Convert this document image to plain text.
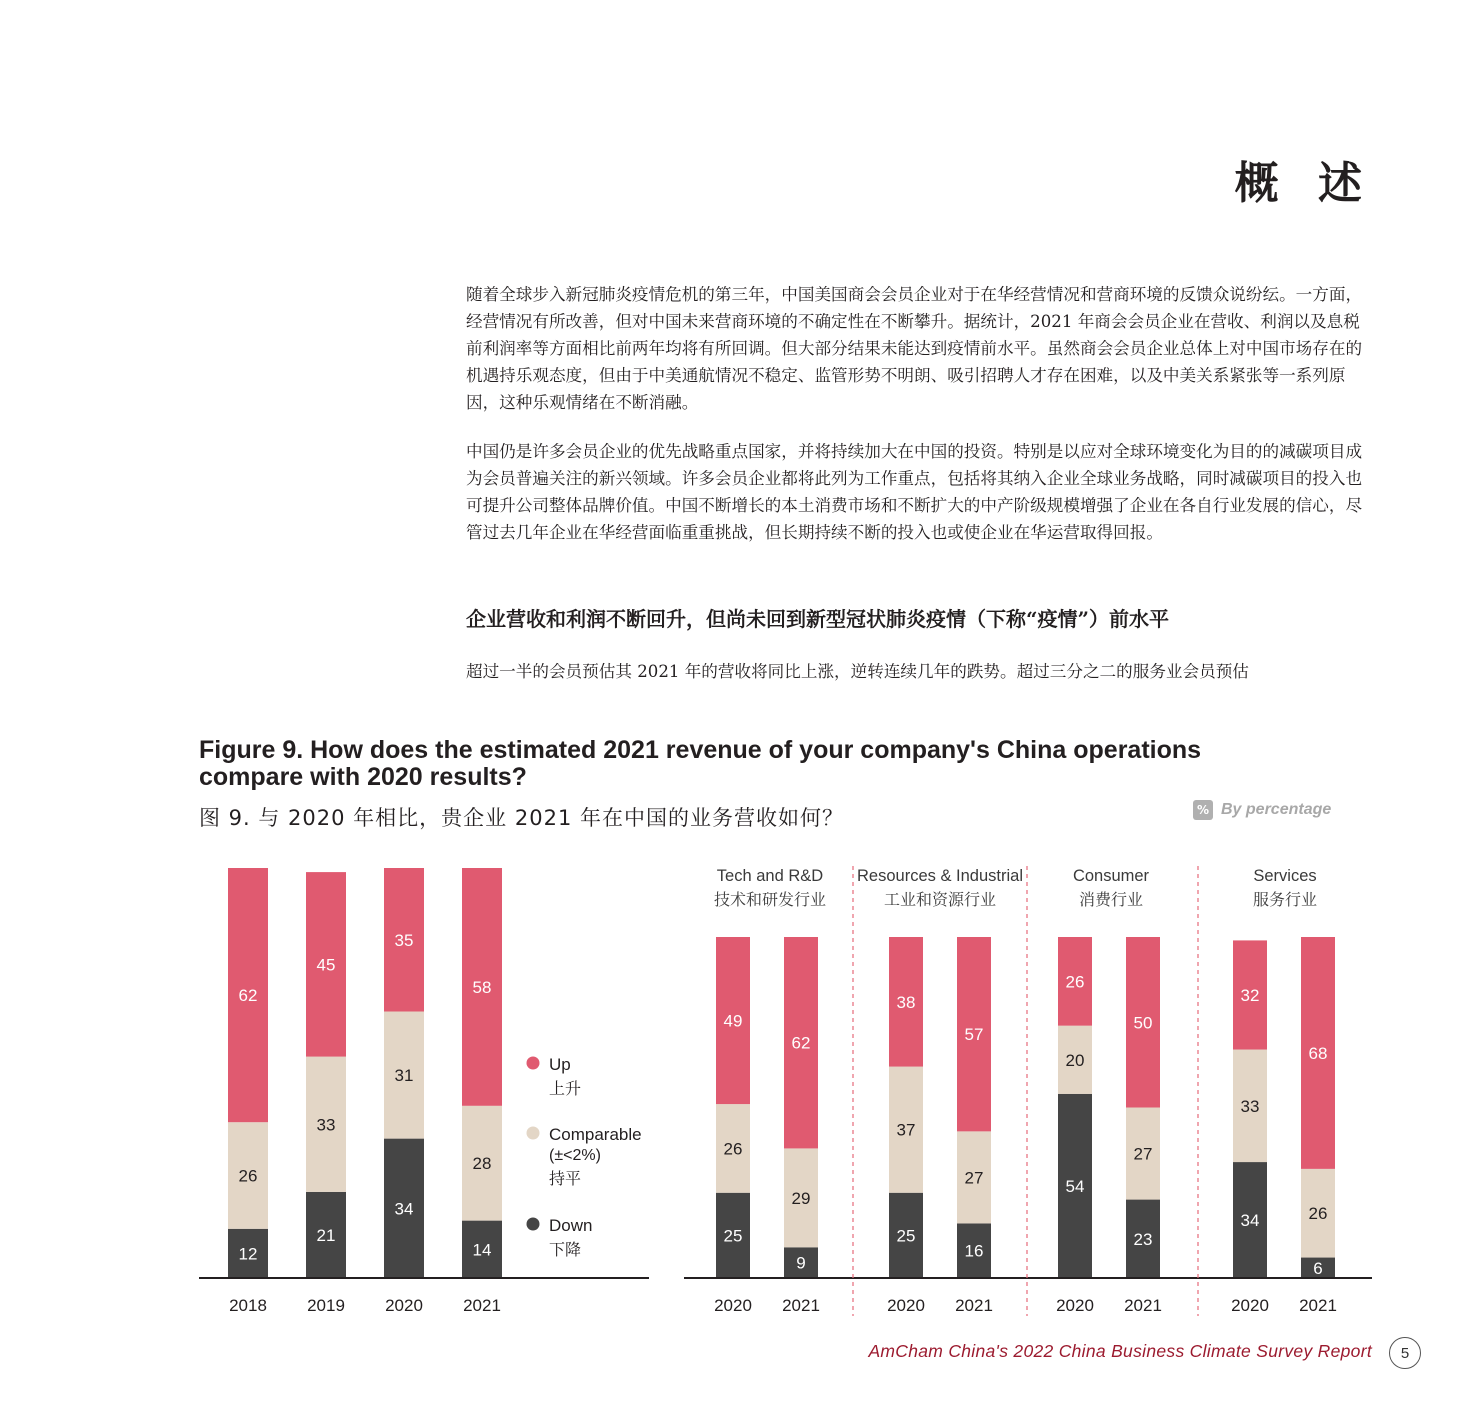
概 述

随着全球步入新冠肺炎疫情危机的第三年，中国美国商会会员企业对于在华经营情况和营商环境的反馈众说纷纭。一方面，经营情况有所改善，但对中国未来营商环境的不确定性在不断攀升。据统计，2021 年商会会员企业在营收、利润以及息税前利润率等方面相比前两年均将有所回调。但大部分结果未能达到疫情前水平。虽然商会会员企业总体上对中国市场存在的机遇持乐观态度，但由于中美通航情况不稳定、监管形势不明朗、吸引招聘人才存在困难，以及中美关系紧张等一系列原因，这种乐观情绪在不断消融。

中国仍是许多会员企业的优先战略重点国家，并将持续加大在中国的投资。特别是以应对全球环境变化为目的的减碳项目成为会员普遍关注的新兴领域。许多会员企业都将此列为工作重点，包括将其纳入企业全球业务战略，同时减碳项目的投入也可提升公司整体品牌价值。中国不断增长的本土消费市场和不断扩大的中产阶级规模增强了企业在各自行业发展的信心，尽管过去几年企业在华经营面临重重挑战，但长期持续不断的投入也或使企业在华运营取得回报。

企业营收和利润不断回升，但尚未回到新型冠状肺炎疫情（下称“疫情”）前水平

超过一半的会员预估其 2021 年的营收将同比上涨，逆转连续几年的跌势。超过三分之二的服务业会员预估

Figure 9. How does the estimated 2021 revenue of your company's China operations compare with 2020 results?
图 9. 与 2020 年相比，贵企业 2021 年在中国的业务营收如何？	% By percentage
12
26
62
2018
21
33
45
2019
34
31
35
2020
14
28
58
2021
Up
上升
Comparable
(±<2%)
持平
Down
下降
Tech and R&D
技术和研发行业
25
26
49
2020
9
29
62
2021
Resources & Industrial
工业和资源行业
25
37
38
2020
16
27
57
2021
Consumer
消费行业
54
20
26
2020
23
27
50
2021
Services
服务行业
34
33
32
2020
6
26
68
2021
AmCham China's 2022 China Business Climate Survey Report	5
